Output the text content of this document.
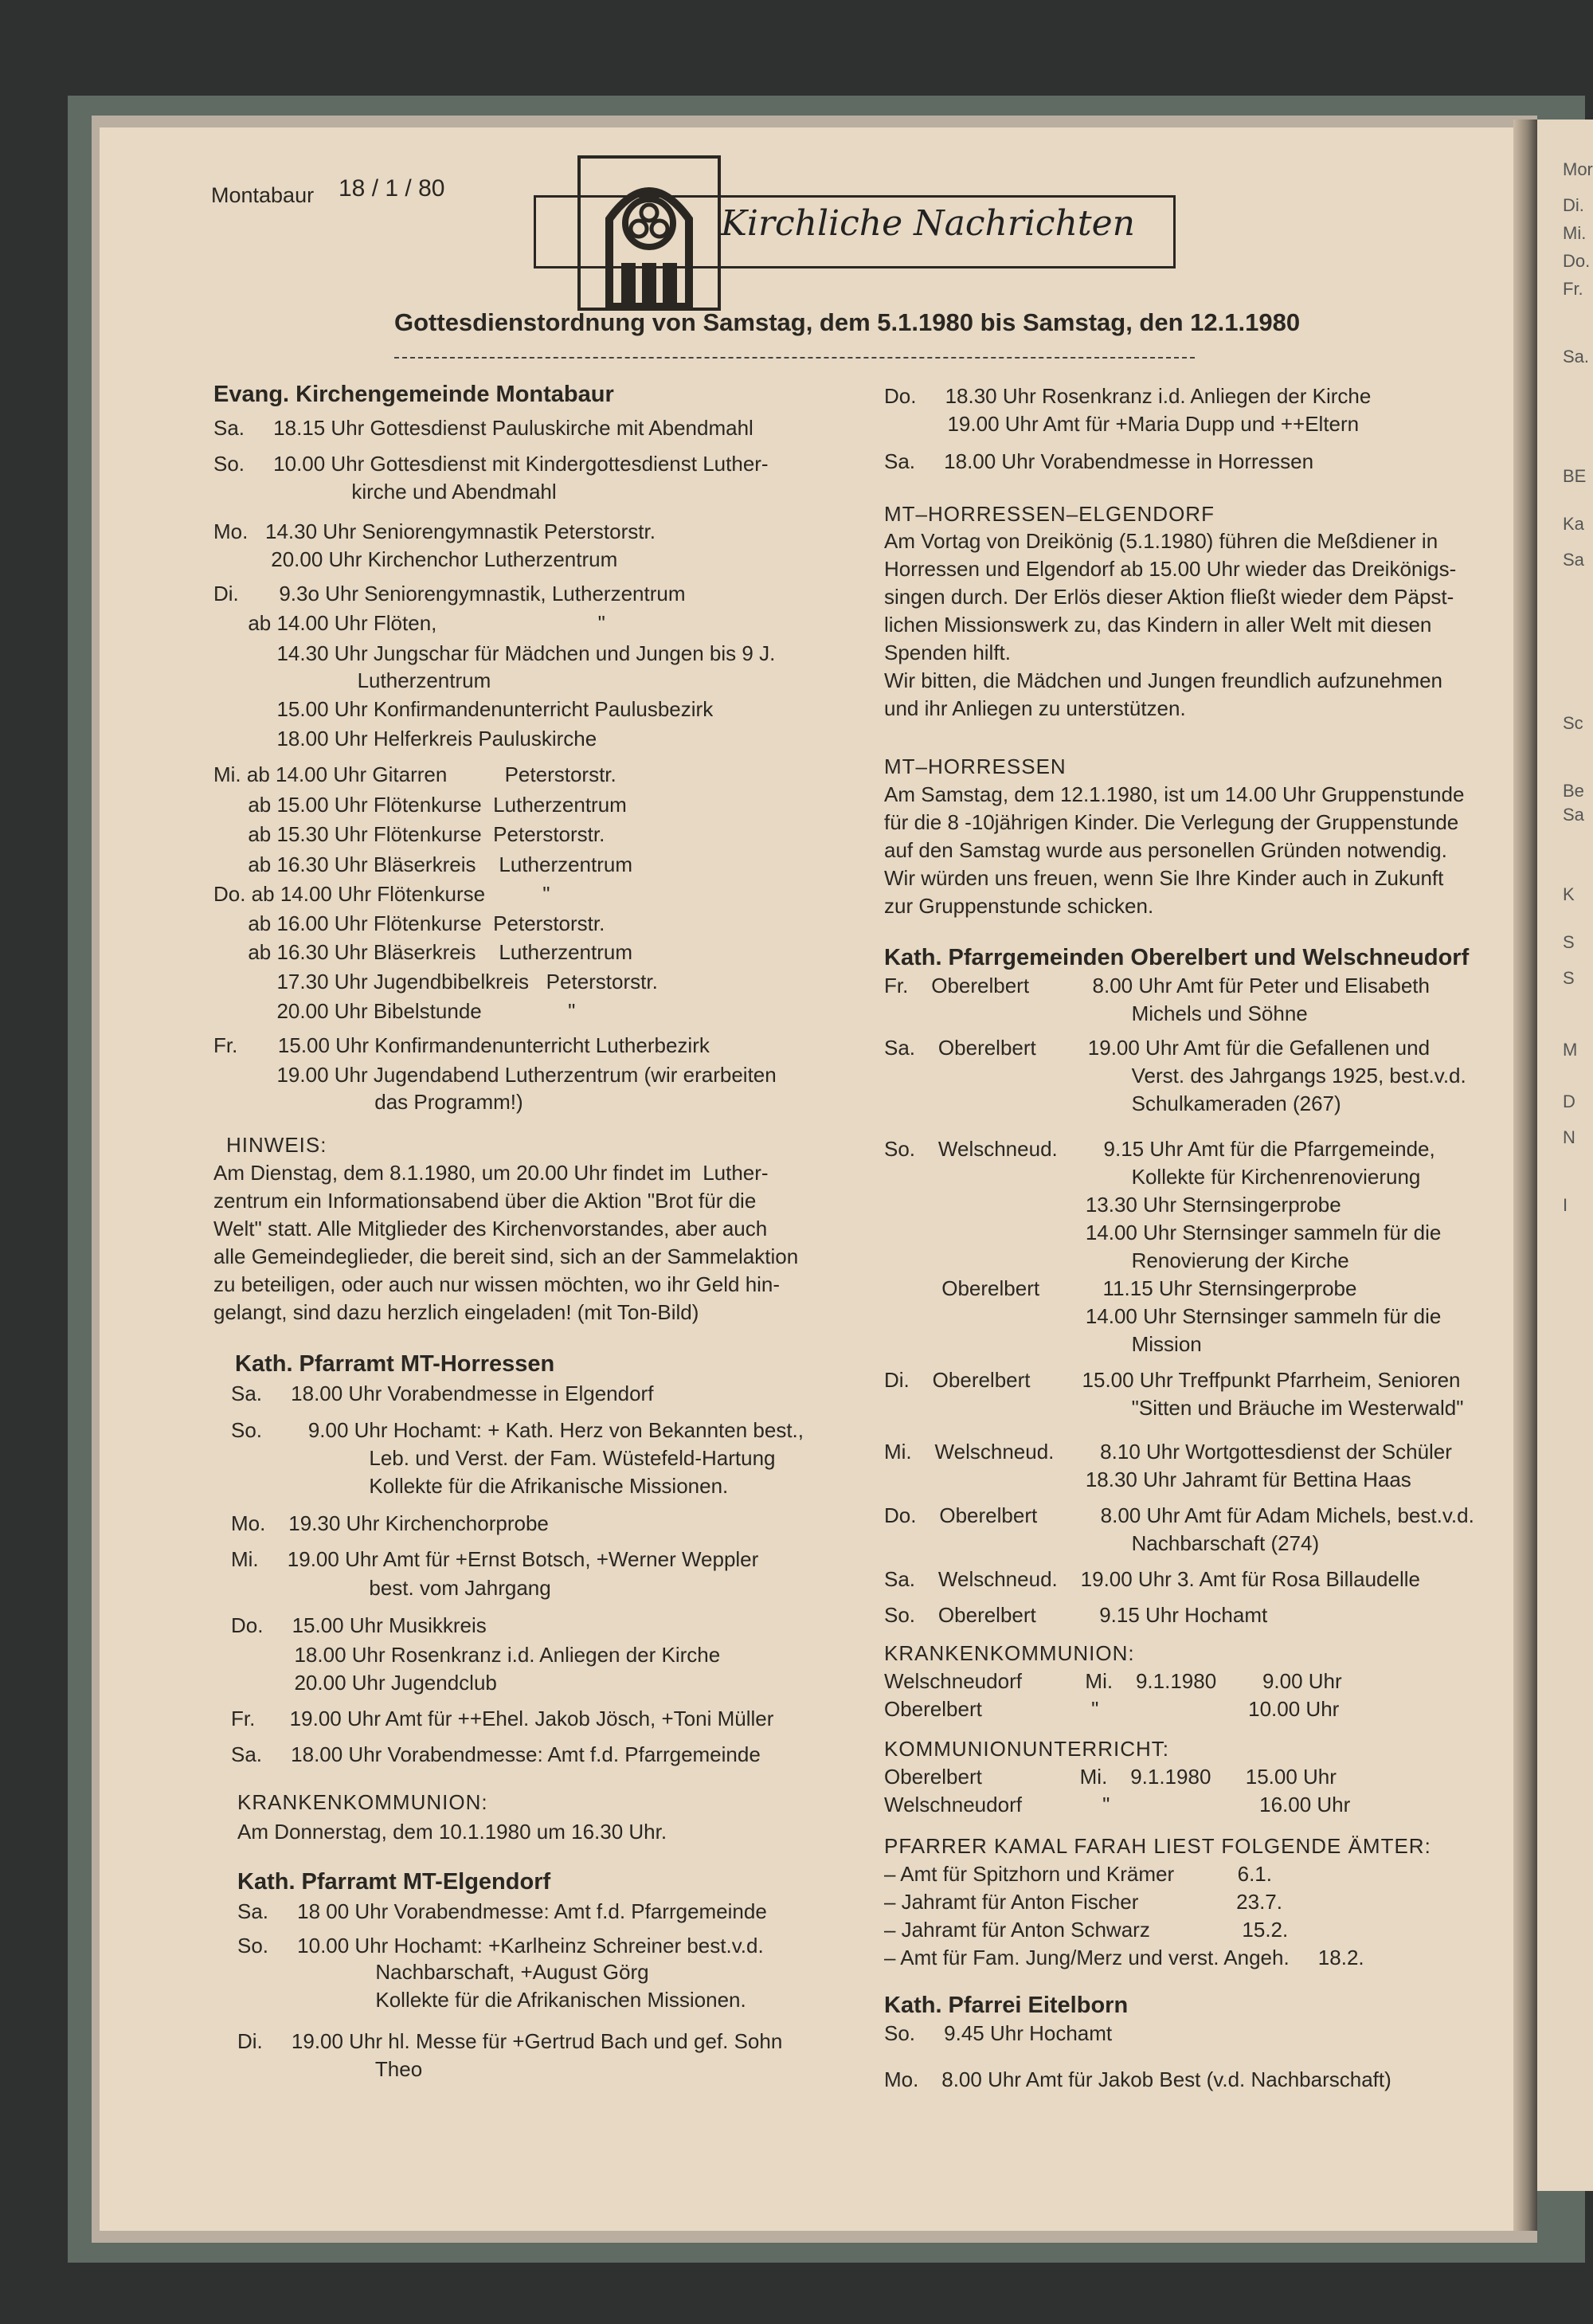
Mor
Di.
Mi.
Do.
Fr.
Sa.
BE
Ka
Sa
Sc
Be
Sa
K
S
S
M
D
N
I
Montabaur 18 / 1 / 80
Kirchliche Nachrichten
Gottesdienstordnung von Samstag, dem 5.1.1980 bis Samstag, den 12.1.1980
Evang. Kirchengemeinde Montabaur
Sa.     18.15 Uhr Gottesdienst Pauluskirche mit Abendmahl
So.     10.00 Uhr Gottesdienst mit Kindergottesdienst Luther-
kirche und Abendmahl
Mo.   14.30 Uhr Seniorengymnastik Peterstorstr.
20.00 Uhr Kirchenchor Lutherzentrum
Di.       9.3o Uhr Seniorengymnastik, Lutherzentrum
ab 14.00 Uhr Flöten,                            "
14.30 Uhr Jungschar für Mädchen und Jungen bis 9 J.
Lutherzentrum
15.00 Uhr Konfirmandenunterricht Paulusbezirk
18.00 Uhr Helferkreis Pauluskirche
Mi. ab 14.00 Uhr Gitarren          Peterstorstr.
ab 15.00 Uhr Flötenkurse  Lutherzentrum
ab 15.30 Uhr Flötenkurse  Peterstorstr.
ab 16.30 Uhr Bläserkreis    Lutherzentrum
Do. ab 14.00 Uhr Flötenkurse          "
ab 16.00 Uhr Flötenkurse  Peterstorstr.
ab 16.30 Uhr Bläserkreis    Lutherzentrum
17.30 Uhr Jugendbibelkreis   Peterstorstr.
20.00 Uhr Bibelstunde               "
Fr.       15.00 Uhr Konfirmandenunterricht Lutherbezirk
19.00 Uhr Jugendabend Lutherzentrum (wir erarbeiten
das Programm!)
HINWEIS:
Am Dienstag, dem 8.1.1980, um 20.00 Uhr findet im  Luther-
zentrum ein Informationsabend über die Aktion "Brot für die
Welt" statt. Alle Mitglieder des Kirchenvorstandes, aber auch
alle Gemeindeglieder, die bereit sind, sich an der Sammelaktion
zu beteiligen, oder auch nur wissen möchten, wo ihr Geld hin-
gelangt, sind dazu herzlich eingeladen! (mit Ton-Bild)
Kath. Pfarramt MT-Horressen
Sa.     18.00 Uhr Vorabendmesse in Elgendorf
So.        9.00 Uhr Hochamt: + Kath. Herz von Bekannten best.,
Leb. und Verst. der Fam. Wüstefeld-Hartung
Kollekte für die Afrikanische Missionen.
Mo.    19.30 Uhr Kirchenchorprobe
Mi.     19.00 Uhr Amt für +Ernst Botsch, +Werner Weppler
best. vom Jahrgang
Do.     15.00 Uhr Musikkreis
18.00 Uhr Rosenkranz i.d. Anliegen der Kirche
20.00 Uhr Jugendclub
Fr.      19.00 Uhr Amt für ++Ehel. Jakob Jösch, +Toni Müller
Sa.     18.00 Uhr Vorabendmesse: Amt f.d. Pfarrgemeinde
KRANKENKOMMUNION:
Am Donnerstag, dem 10.1.1980 um 16.30 Uhr.
Kath. Pfarramt MT-Elgendorf
Sa.     18 00 Uhr Vorabendmesse: Amt f.d. Pfarrgemeinde
So.     10.00 Uhr Hochamt: +Karlheinz Schreiner best.v.d.
Nachbarschaft, +August Görg
Kollekte für die Afrikanischen Missionen.
Di.     19.00 Uhr hl. Messe für +Gertrud Bach und gef. Sohn
Theo
Do.     18.30 Uhr Rosenkranz i.d. Anliegen der Kirche
19.00 Uhr Amt für +Maria Dupp und ++Eltern
Sa.     18.00 Uhr Vorabendmesse in Horressen
MT–HORRESSEN–ELGENDORF
Am Vortag von Dreikönig (5.1.1980) führen die Meßdiener in
Horressen und Elgendorf ab 15.00 Uhr wieder das Dreikönigs-
singen durch. Der Erlös dieser Aktion fließt wieder dem Päpst-
lichen Missionswerk zu, das Kindern in aller Welt mit diesen
Spenden hilft.
Wir bitten, die Mädchen und Jungen freundlich aufzunehmen
und ihr Anliegen zu unterstützen.
MT–HORRESSEN
Am Samstag, dem 12.1.1980, ist um 14.00 Uhr Gruppenstunde
für die 8 -10jährigen Kinder. Die Verlegung der Gruppenstunde
auf den Samstag wurde aus personellen Gründen notwendig.
Wir würden uns freuen, wenn Sie Ihre Kinder auch in Zukunft
zur Gruppenstunde schicken.
Kath. Pfarrgemeinden Oberelbert und Welschneudorf
Fr.    Oberelbert           8.00 Uhr Amt für Peter und Elisabeth
Michels und Söhne
Sa.    Oberelbert         19.00 Uhr Amt für die Gefallenen und
Verst. des Jahrgangs 1925, best.v.d.
Schulkameraden (267)
So.    Welschneud.        9.15 Uhr Amt für die Pfarrgemeinde,
Kollekte für Kirchenrenovierung
13.30 Uhr Sternsingerprobe
14.00 Uhr Sternsinger sammeln für die
Renovierung der Kirche
Oberelbert           11.15 Uhr Sternsingerprobe
14.00 Uhr Sternsinger sammeln für die
Mission
Di.    Oberelbert         15.00 Uhr Treffpunkt Pfarrheim, Senioren
"Sitten und Bräuche im Westerwald"
Mi.    Welschneud.        8.10 Uhr Wortgottesdienst der Schüler
18.30 Uhr Jahramt für Bettina Haas
Do.    Oberelbert           8.00 Uhr Amt für Adam Michels, best.v.d.
Nachbarschaft (274)
Sa.    Welschneud.    19.00 Uhr 3. Amt für Rosa Billaudelle
So.    Oberelbert           9.15 Uhr Hochamt
KRANKENKOMMUNION:
Welschneudorf           Mi.    9.1.1980        9.00 Uhr
Oberelbert                   "                          10.00 Uhr
KOMMUNIONUNTERRICHT:
Oberelbert                 Mi.    9.1.1980      15.00 Uhr
Welschneudorf              "                          16.00 Uhr
PFARRER KAMAL FARAH LIEST FOLGENDE ÄMTER:
– Amt für Spitzhorn und Krämer           6.1.
– Jahramt für Anton Fischer                 23.7.
– Jahramt für Anton Schwarz                15.2.
– Amt für Fam. Jung/Merz und verst. Angeh.     18.2.
Kath. Pfarrei Eitelborn
So.     9.45 Uhr Hochamt
Mo.    8.00 Uhr Amt für Jakob Best (v.d. Nachbarschaft)
